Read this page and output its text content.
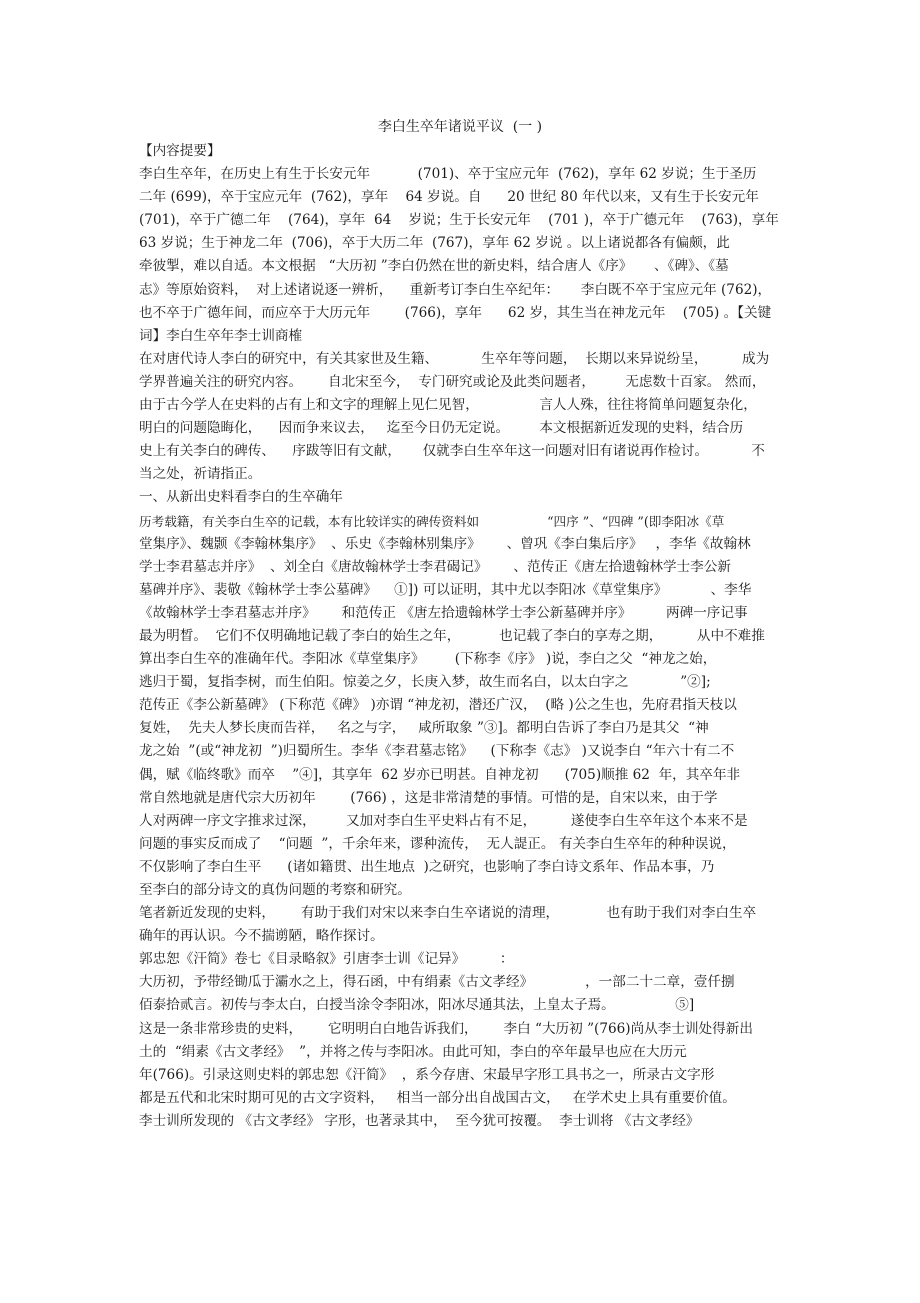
李白生卒年诸说平议  (一 )
【内容提要】
李白生卒年，在历史上有生于长安元年           (701)、卒于宝应元年  (762)，享年 62 岁说；生于圣历
二年 (699)，卒于宝应元年  (762)，享年    64 岁说。自      20 世纪 80 年代以来，又有生于长安元年
(701)，卒于广德二年    (764)，享年  64    岁说；生于长安元年    (701 )，卒于广德元年    (763)，享年
63 岁说；生于神龙二年  (706)，卒于大历二年  (767)，享年 62 岁说 。以上诸说都各有偏颇，此
牵彼掣，难以自适。本文根据   “大历初 ”李白仍然在世的新史料，结合唐人《序》     、《碑》、《墓
志》等原始资料，  对上述诸说逐一辨析，    重新考订李白生卒纪年：     李白既不卒于宝应元年 (762)，
也不卒于广德年间，而应卒于大历元年        (766)，享年      62 岁，其生当在神龙元年    (705) 。【关键
词】李白生卒年李士训商榷
在对唐代诗人李白的研究中，有关其家世及生籍、          生卒年等问题，  长期以来异说纷呈，        成为
学界普遍关注的研究内容。      自北宋至今，  专门研究或论及此类问题者，       无虑数十百家。 然而，
由于古今学人在史料的占有上和文字的理解上见仁见智，              言人人殊，往往将简单问题复杂化，
明白的问题隐晦化，    因而争来议去，   迄至今日仍无定说。       本文根据新近发现的史料，结合历
史上有关李白的碑传、    序跋等旧有文献，     仅就李白生卒年这一问题对旧有诸说再作检讨。          不
当之处，祈请指正。
一、从新出史料看李白的生卒确年
历考载籍，有关李白生卒的记载，本有比较详实的碑传资料如                 “四序 ”、“四碑 ”(即李阳冰《草
堂集序》、魏颢《李翰林集序》  、乐史《李翰林别集序》      、曾巩《李白集后序》   ，李华《故翰林
学士李君墓志并序》  、刘全白《唐故翰林学士李君碣记》      、范传正《唐左拾遗翰林学士李公新
墓碑并序》、裴敬《翰林学士李公墓碑》    ①]) 可以证明，其中尤以李阳冰《草堂集序》          、李华
《故翰林学士李君墓志并序》      和范传正 《唐左拾遗翰林学士李公新墓碑并序》        两碑一序记事
最为明晳。  它们不仅明确地记载了李白的始生之年，         也记载了李白的享寿之期，        从中不难推
算出李白生卒的准确年代。李阳冰《草堂集序》       (下称李《序》 )说，李白之父  “神龙之始，
逃归于蜀，复指李树，而生伯阳。惊姜之夕，长庚入梦，故生而名白，以太白字之            ”②];
范传正《李公新墓碑》 (下称范《碑》 )亦谓 “神龙初，潜还广汉，  (略 )公之生也，先府君指天枝以
复姓，  先夫人梦长庚而告祥，   名之与字，   咸所取象 ”③]。都明白告诉了李白乃是其父  “神
龙之始  ”(或“神龙初  ”)归蜀所生。李华《李君墓志铭》    (下称李《志》 )又说李白 “年六十有二不
偶，赋《临终歌》而卒    ”④]，其享年  62 岁亦已明甚。自神龙初      (705)顺推 62  年，其卒年非
常自然地就是唐代宗大历初年        (766) ，这是非常清楚的事情。可惜的是，自宋以来，由于学
人对两碑一序文字推求过深，       又加对李白生平史料占有不足，        遂使李白生卒年这个本来不是
问题的事实反而成了    “问题  ”，千余年来，谬种流传，  无人諟正。 有关李白生卒年的种种误说，
不仅影响了李白生平      (诸如籍贯、出生地点  )之研究，也影响了李白诗文系年、作品本事，乃
至李白的部分诗文的真伪问题的考察和研究。
笔者新近发现的史料，      有助于我们对宋以来李白生卒诸说的清理，           也有助于我们对李白生卒
确年的再认识。今不揣谫陋，略作探讨。
郭忠恕《汗简》卷七《目录略叙》引唐李士训《记异》        ：
大历初，予带经锄瓜于灞水之上，得石函，中有绢素《古文孝经》            ，一部二十二章，壹仟捌
佰泰拾贰言。初传与李太白，白授当涂令李阳冰，阳冰尽通其法，上皇太子焉。              ⑤]
这是一条非常珍贵的史料，      它明明白白地告诉我们，      李白 “大历初 ”(766)尚从李士训处得新出
土的  “绢素《古文孝经》  ”，并将之传与李阳冰。由此可知，李白的卒年最早也应在大历元
年(766)。引录这则史料的郭忠恕《汗简》  ，系今存唐、宋最早字形工具书之一，所录古文字形
都是五代和北宋时期可见的古文字资料，   相当一部分出自战国古文，   在学术史上具有重要价值。
李士训所发现的 《古文孝经》 字形，也著录其中，  至今犹可按覆。  李士训将 《古文孝经》
